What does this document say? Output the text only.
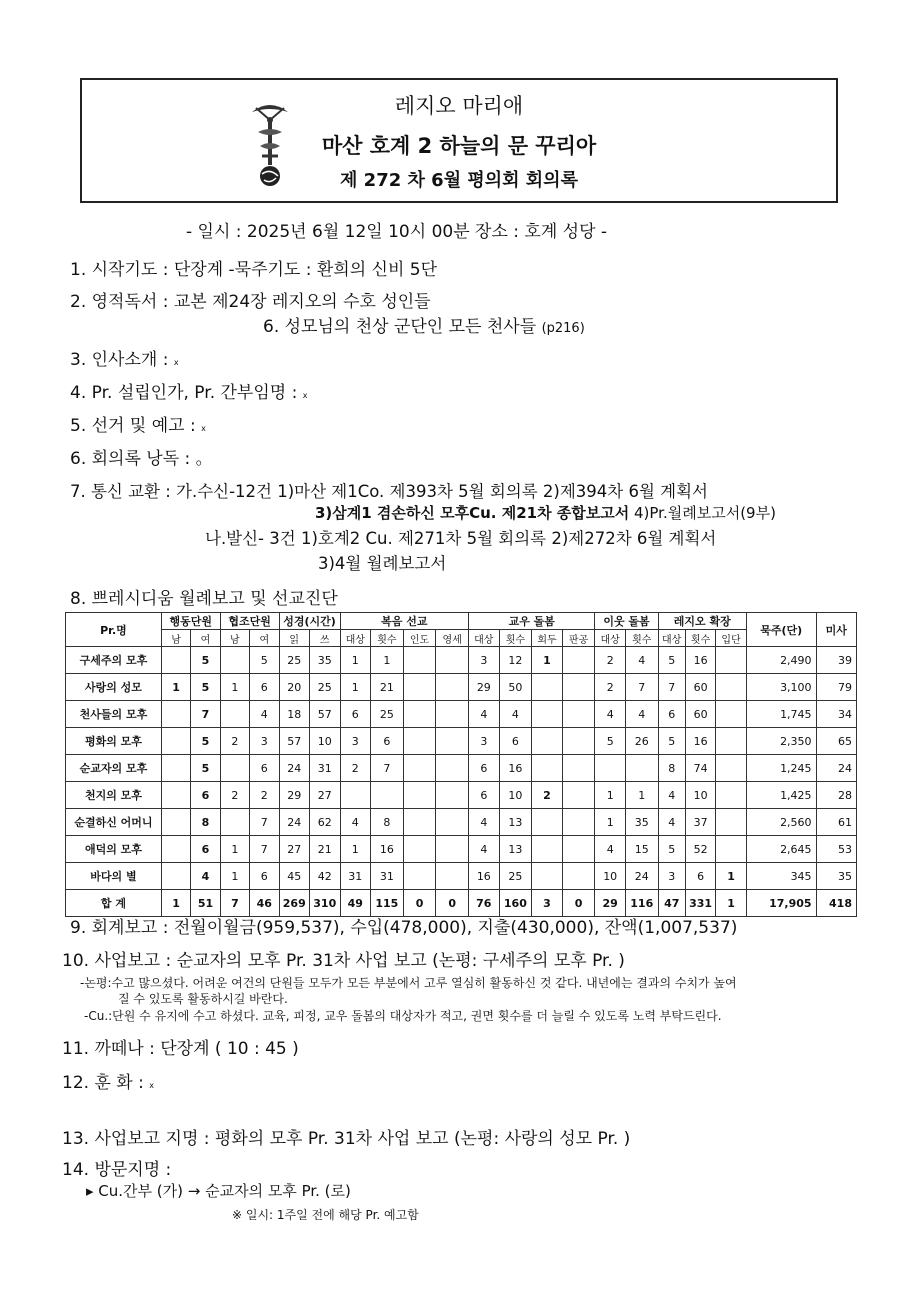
레지오 마리애
마산 호계 2 하늘의 문 꾸리아
제 272 차 6월 평의회 회의록
- 일시 : 2025년 6월 12일 10시 00분 장소 : 호계 성당 -
1. 시작기도 : 단장계 -묵주기도 : 환희의 신비 5단
2. 영적독서 : 교본 제24장 레지오의 수호 성인들
6. 성모님의 천상 군단인 모든 천사들 (p216)
3. 인사소개 : x
4. Pr. 설립인가, Pr. 간부임명 : x
5. 선거 및 예고 : x
6. 회의록 낭독 : 。
7. 통신 교환 : 가.수신-12건 1)마산 제1Co. 제393차 5월 회의록 2)제394차 6월 계획서
3)삼계1 겸손하신 모후Cu. 제21차 종합보고서 4)Pr.월례보고서(9부)
나.발신- 3건 1)호계2 Cu. 제271차 5월 회의록 2)제272차 6월 계획서
3)4월 월례보고서
8. 쁘레시디움 월례보고 및 선교진단
Pr.명	행동단원		협조단원		성경(시간)		복음 선교				교우 돌봄				이웃 돌봄		레지오 확장			묵주(단)	미사
	남	여	남	여	읽	쓰	대상	횟수	인도	영세	대상	횟수	회두	판공	대상	횟수	대상	횟수	입단		
구세주의 모후		5		5	25	35	1	1			3	12	1		2	4	5	16		2,490	39
사랑의 성모	1	5	1	6	20	25	1	21			29	50			2	7	7	60		3,100	79
천사들의 모후		7		4	18	57	6	25			4	4			4	4	6	60		1,745	34
평화의 모후		5	2	3	57	10	3	6			3	6			5	26	5	16		2,350	65
순교자의 모후		5		6	24	31	2	7			6	16					8	74		1,245	24
천지의 모후		6	2	2	29	27					6	10	2		1	1	4	10		1,425	28
순결하신 어머니		8		7	24	62	4	8			4	13			1	35	4	37		2,560	61
애덕의 모후		6	1	7	27	21	1	16			4	13			4	15	5	52		2,645	53
바다의 별		4	1	6	45	42	31	31			16	25			10	24	3	6	1	345	35
합 계	1	51	7	46	269	310	49	115	0	0	76	160	3	0	29	116	47	331	1	17,905	418
9. 회계보고 : 전월이월금(959,537), 수입(478,000), 지출(430,000), 잔액(1,007,537)
10. 사업보고 : 순교자의 모후 Pr. 31차 사업 보고 (논평: 구세주의 모후 Pr. )
-논평:수고 많으셨다. 어려운 여건의 단원들 모두가 모든 부분에서 고루 열심히 활동하신 것 같다. 내년에는 결과의 수치가 높여
질 수 있도록 활동하시길 바란다.
-Cu.:단원 수 유지에 수고 하셨다. 교육, 피정, 교우 돌봄의 대상자가 적고, 권면 횟수를 더 늘릴 수 있도록 노력 부탁드린다.
11. 까떼나 : 단장계 ( 10 : 45 )
12. 훈 화 : x
13. 사업보고 지명 : 평화의 모후 Pr. 31차 사업 보고 (논평: 사랑의 성모 Pr. )
14. 방문지명 :
▸ Cu.간부 (가) → 순교자의 모후 Pr. (로)
※ 일시: 1주일 전에 해당 Pr. 예고함
